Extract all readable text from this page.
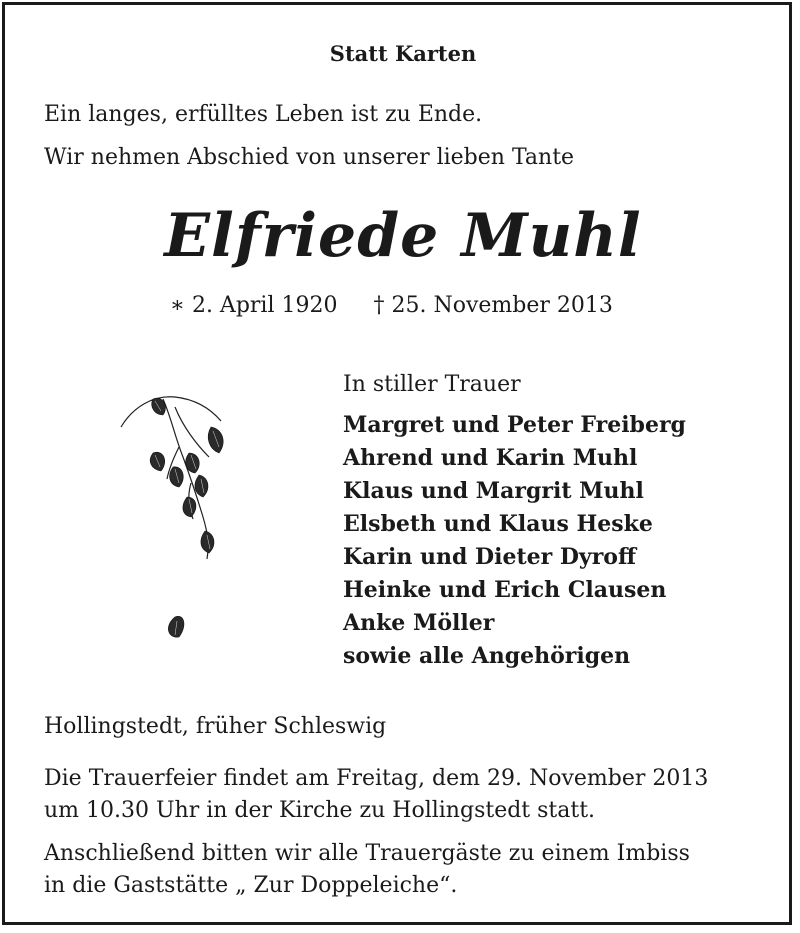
Statt Karten

Ein langes, erfülltes Leben ist zu Ende.

Wir nehmen Abschied von unserer lieben Tante

Elfriede Muhl

∗ 2. April 1920 † 25. November 2013

In stiller Trauer

Margret und Peter Freiberg
Ahrend und Karin Muhl
Klaus und Margrit Muhl
Elsbeth und Klaus Heske
Karin und Dieter Dyroff
Heinke und Erich Clausen
Anke Möller
sowie alle Angehörigen

Hollingstedt, früher Schleswig

Die Trauerfeier findet am Freitag, dem 29. November 2013

um 10.30 Uhr in der Kirche zu Hollingstedt statt.

Anschließend bitten wir alle Trauergäste zu einem Imbiss

in die Gaststätte „ Zur Doppeleiche“.
